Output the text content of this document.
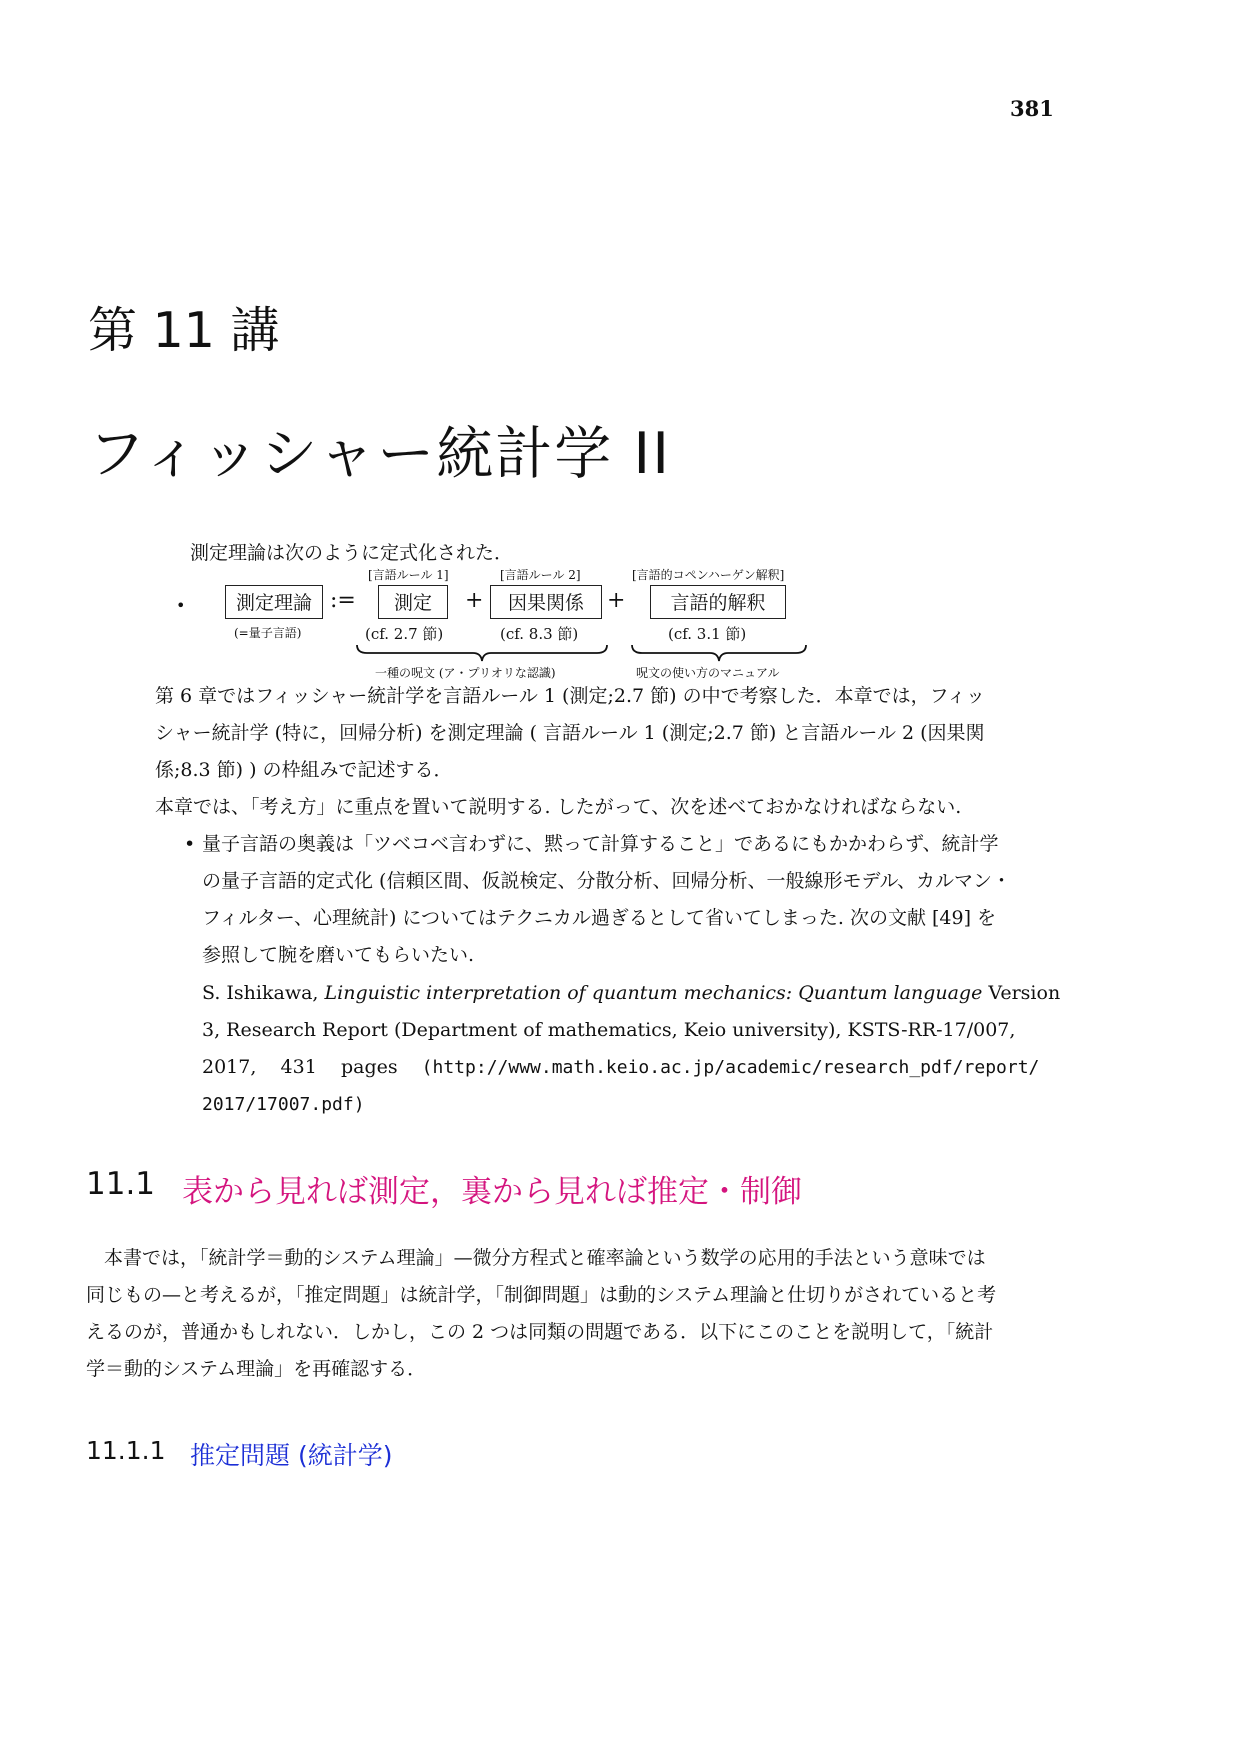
381
第 11 講
フィッシャー統計学 II
測定理論は次のように定式化された．
•	測定理論
(=量子言語)
:=
[言語ルール 1]
測定
(cf. 2.7 節)
+
[言語ルール 2]
因果関係
(cf. 8.3 節)
+
[言語的コペンハーゲン解釈]
言語的解釈
(cf. 3.1 節)
一種の呪文 (ア・プリオリな認識)	呪文の使い方のマニュアル
第 6 章ではフィッシャー統計学を言語ルール 1 (測定;2.7 節) の中で考察した．本章では，フィッ
シャー統計学 (特に，回帰分析) を測定理論 ( 言語ルール 1 (測定;2.7 節) と言語ルール 2 (因果関
係;8.3 節) ) の枠組みで記述する．
本章では、「考え方」に重点を置いて説明する. したがって、次を述べておかなければならない.
• 量子言語の奥義は「ツベコベ言わずに、黙って計算すること」であるにもかかわらず、統計学
の量子言語的定式化 (信頼区間、仮説検定、分散分析、回帰分析、一般線形モデル、カルマン・
フィルター、心理統計) についてはテクニカル過ぎるとして省いてしまった. 次の文献 [49] を
参照して腕を磨いてもらいたい.
S. Ishikawa, Linguistic interpretation of quantum mechanics: Quantum language Version
3, Research Report (Department of mathematics, Keio university), KSTS-RR-17/007,
2017,    431    pages (http://www.math.keio.ac.jp/academic/research_pdf/report/
2017/17007.pdf)
11.1 表から見れば測定，裏から見れば推定・制御
本書では，「統計学＝動的システム理論」—微分方程式と確率論という数学の応用的手法という意味では
同じもの—と考えるが，「推定問題」は統計学，「制御問題」は動的システム理論と仕切りがされていると考
えるのが，普通かもしれない．しかし，この 2 つは同類の問題である．以下にこのことを説明して，「統計
学＝動的システム理論」を再確認する．
11.1.1 推定問題 (統計学)
